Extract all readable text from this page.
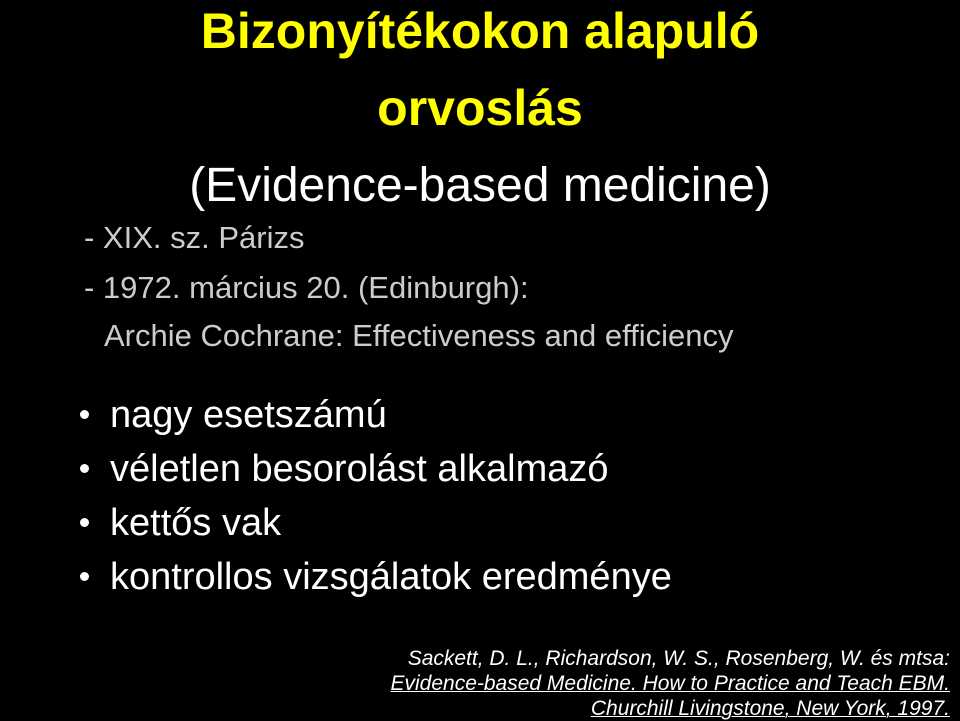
Bizonyítékokon alapuló
orvoslás
(Evidence-based medicine)
- XIX. sz. Párizs
- 1972. március 20. (Edinburgh):
Archie Cochrane: Effectiveness and efficiency
nagy esetszámú
véletlen besorolást alkalmazó
kettős vak
kontrollos vizsgálatok eredménye
Sackett, D. L., Richardson, W. S., Rosenberg, W. és mtsa:
Evidence-based Medicine. How to Practice and Teach EBM.
Churchill Livingstone, New York, 1997.
